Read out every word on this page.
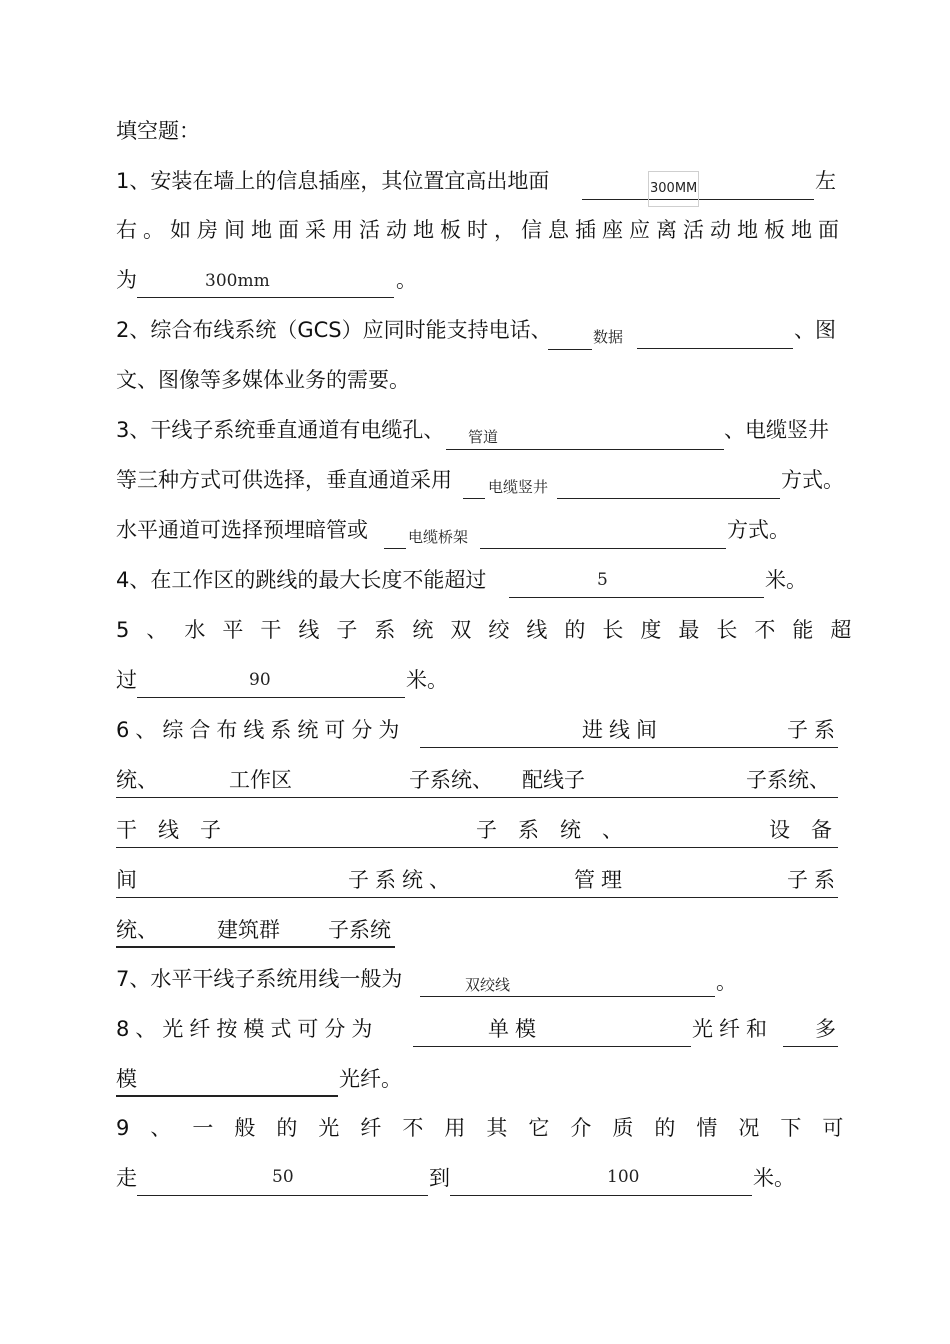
填空题：
1、安装在墙上的信息插座，其位置宜高出地面	300MM	左
右。如房间地面采用活动地板时，信息插座应离活动地板地面
为	300mm	。
2、综合布线系统（GCS）应同时能支持电话、	数据	、图
文、图像等多媒体业务的需要。
3、干线子系统垂直通道有电缆孔、 管道	、电缆竖井
等三种方式可供选择，垂直通道采用 电缆竖井	方式。
水平通道可选择预埋暗管或	电缆桥架	方式。
4、在工作区的跳线的最大长度不能超过	5	米。
5、水平干线子系统双绞线的长度最长不能超
过	90	米。
6、综合布线系统可分为	进线间	子系
统、	工作区	子系统、 配线子	子系统、
干线子	子系统、	设备
间	子系统、	管理	子系
统、	建筑群 子系统
7、水平干线子系统用线一般为	双绞线	。
8、光纤按模式可分为	单模	光纤和 多
模	光纤。
9、一般的光纤不用其它介质的情况下可
走	50	到	100	米。
